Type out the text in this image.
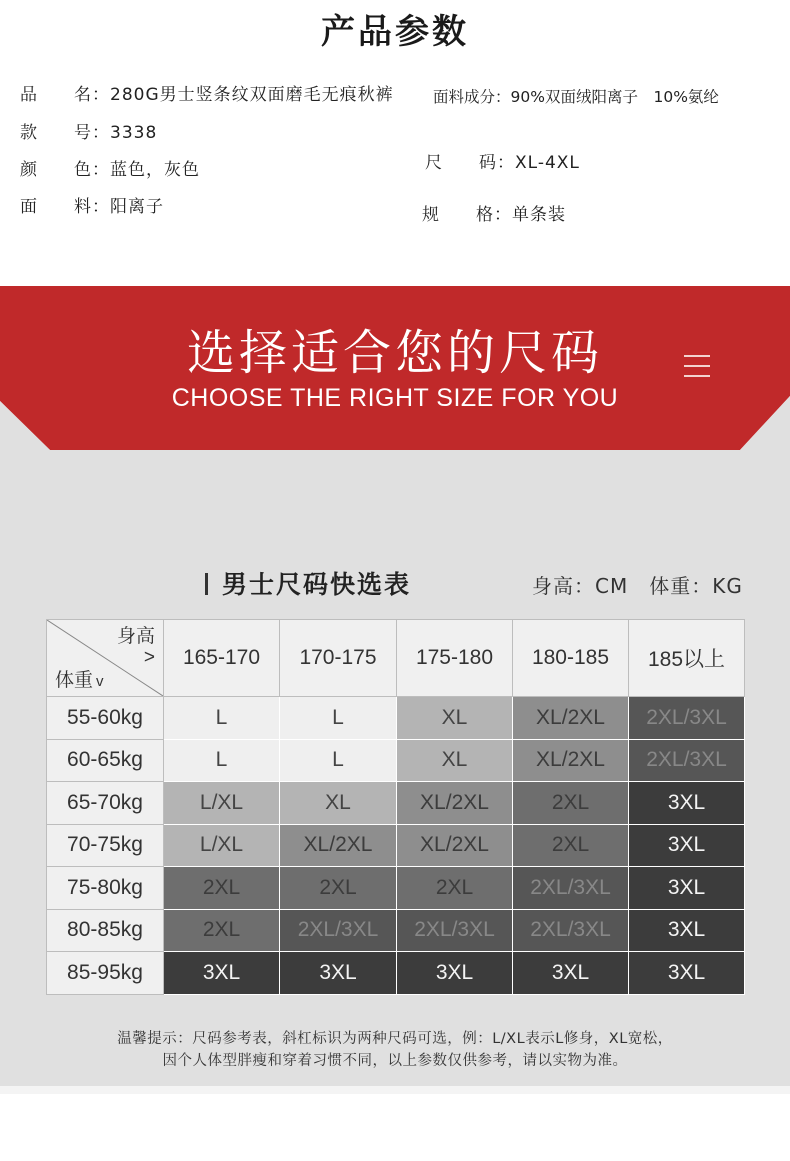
产品参数
品　　名：280G男士竖条纹双面磨毛无痕秋裤	面料成分：90%双面绒阳离子　10%氨纶
款　　号：3338
颜　　色：蓝色，灰色	尺　　码：XL-4XL
面　　料：阳离子	规　　格：单条装
选择适合您的尺码
CHOOSE THE RIGHT SIZE FOR YOU
男士尺码快选表	身高：CM　体重：KG
身高
>
体重 v	165-170	170-175	175-180	180-185	185以上
55-60kg	L	L	XL	XL/2XL	2XL/3XL
60-65kg	L	L	XL	XL/2XL	2XL/3XL
65-70kg	L/XL	XL	XL/2XL	2XL	3XL
70-75kg	L/XL	XL/2XL	XL/2XL	2XL	3XL
75-80kg	2XL	2XL	2XL	2XL/3XL	3XL
80-85kg	2XL	2XL/3XL	2XL/3XL	2XL/3XL	3XL
85-95kg	3XL	3XL	3XL	3XL	3XL
温馨提示：尺码参考表，斜杠标识为两种尺码可选，例：L/XL表示L修身，XL宽松，
因个人体型胖瘦和穿着习惯不同，以上参数仅供参考，请以实物为准。
